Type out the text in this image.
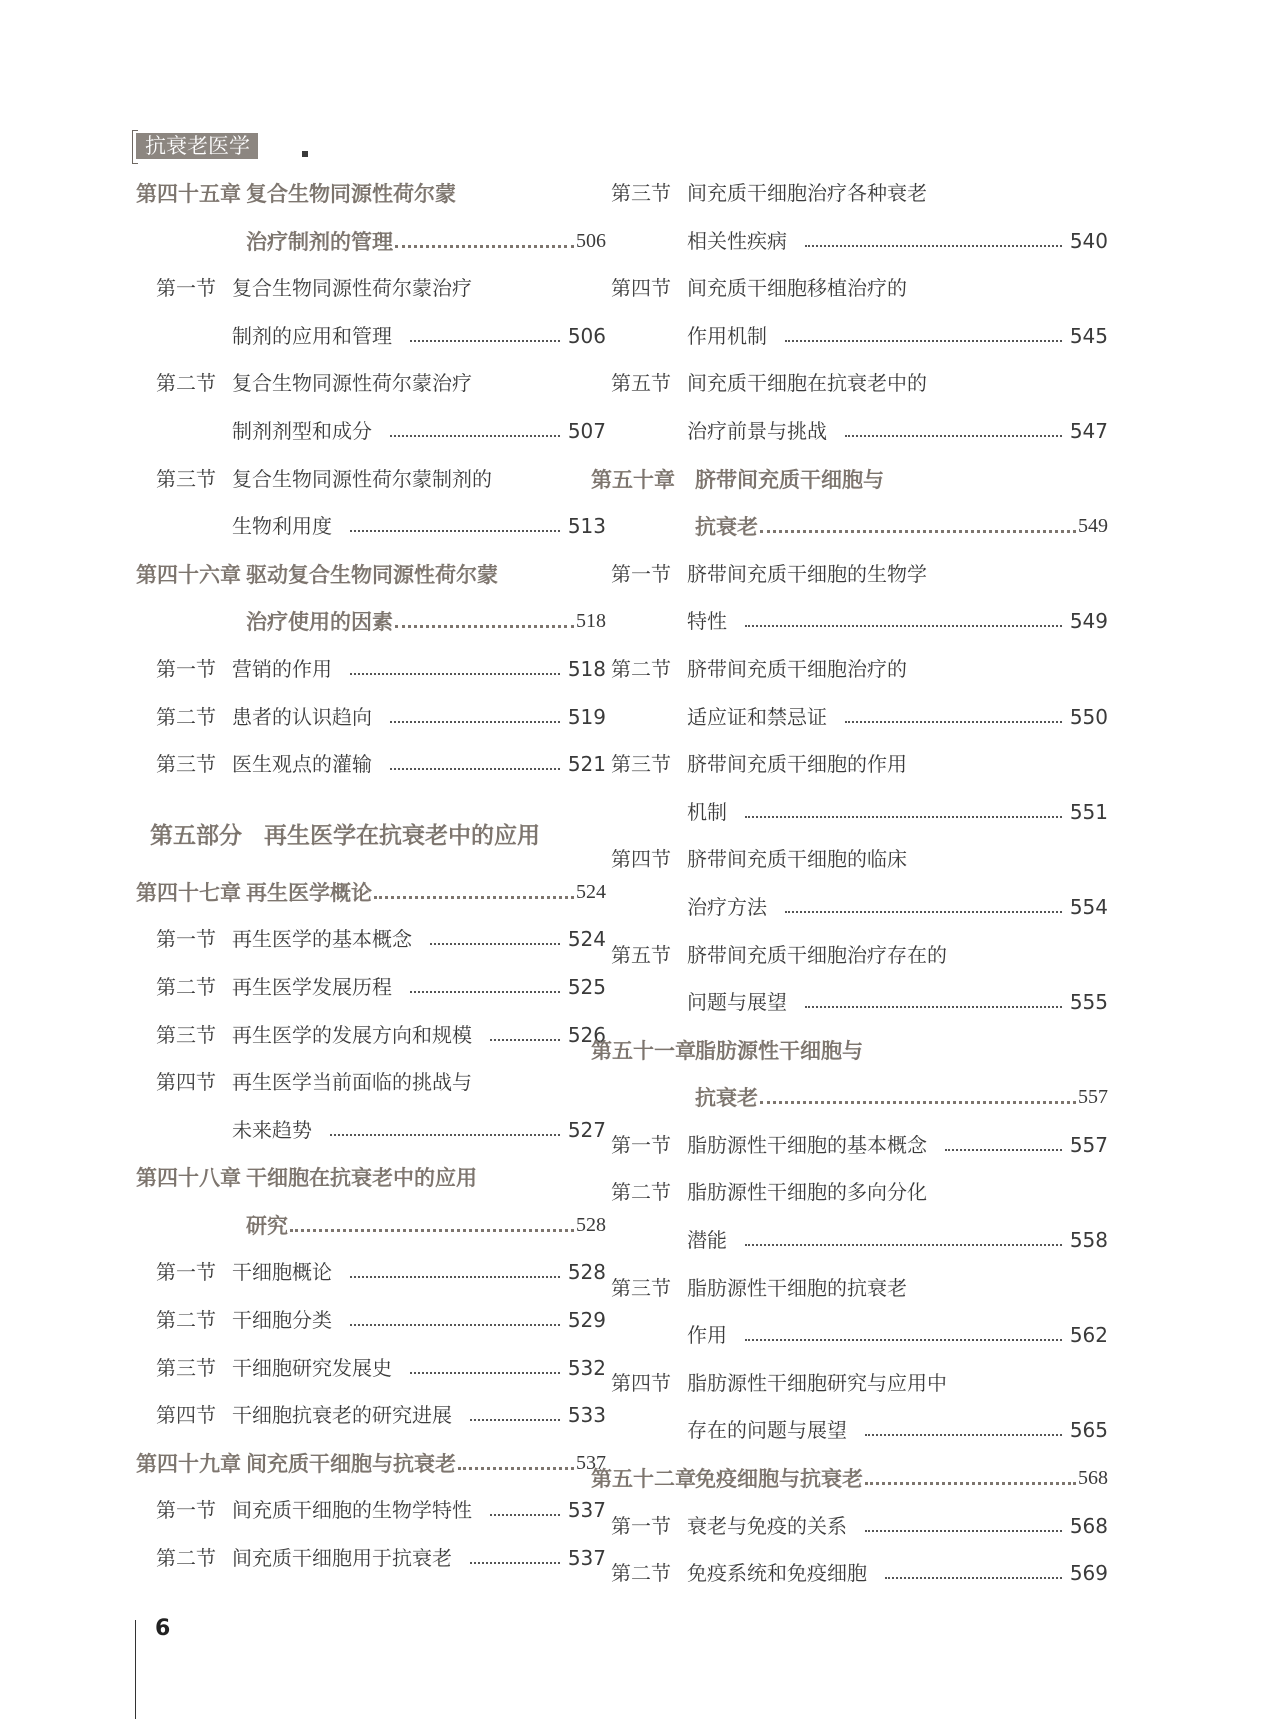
抗衰老医学
第四十五章 复合生物同源性荷尔蒙
治疗制剂的管理	506
第一节 复合生物同源性荷尔蒙治疗
制剂的应用和管理	506
第二节 复合生物同源性荷尔蒙治疗
制剂剂型和成分	507
第三节 复合生物同源性荷尔蒙制剂的
生物利用度	513
第四十六章 驱动复合生物同源性荷尔蒙
治疗使用的因素	518
第一节 营销的作用	518
第二节 患者的认识趋向	519
第三节 医生观点的灌输	521
第五部分 再生医学在抗衰老中的应用
第四十七章 再生医学概论	524
第一节 再生医学的基本概念	524
第二节 再生医学发展历程	525
第三节 再生医学的发展方向和规模	526
第四节 再生医学当前面临的挑战与
未来趋势	527
第四十八章 干细胞在抗衰老中的应用
研究	528
第一节 干细胞概论	528
第二节 干细胞分类	529
第三节 干细胞研究发展史	532
第四节 干细胞抗衰老的研究进展	533
第四十九章 间充质干细胞与抗衰老	537
第一节 间充质干细胞的生物学特性	537
第二节 间充质干细胞用于抗衰老	537
第三节 间充质干细胞治疗各种衰老
相关性疾病	540
第四节 间充质干细胞移植治疗的
作用机制	545
第五节 间充质干细胞在抗衰老中的
治疗前景与挑战	547
第五十章 脐带间充质干细胞与
抗衰老	549
第一节 脐带间充质干细胞的生物学
特性	549
第二节 脐带间充质干细胞治疗的
适应证和禁忌证	550
第三节 脐带间充质干细胞的作用
机制	551
第四节 脐带间充质干细胞的临床
治疗方法	554
第五节 脐带间充质干细胞治疗存在的
问题与展望	555
第五十一章 脂肪源性干细胞与
抗衰老	557
第一节 脂肪源性干细胞的基本概念	557
第二节 脂肪源性干细胞的多向分化
潜能	558
第三节 脂肪源性干细胞的抗衰老
作用	562
第四节 脂肪源性干细胞研究与应用中
存在的问题与展望	565
第五十二章 免疫细胞与抗衰老	568
第一节 衰老与免疫的关系	568
第二节 免疫系统和免疫细胞	569
6
